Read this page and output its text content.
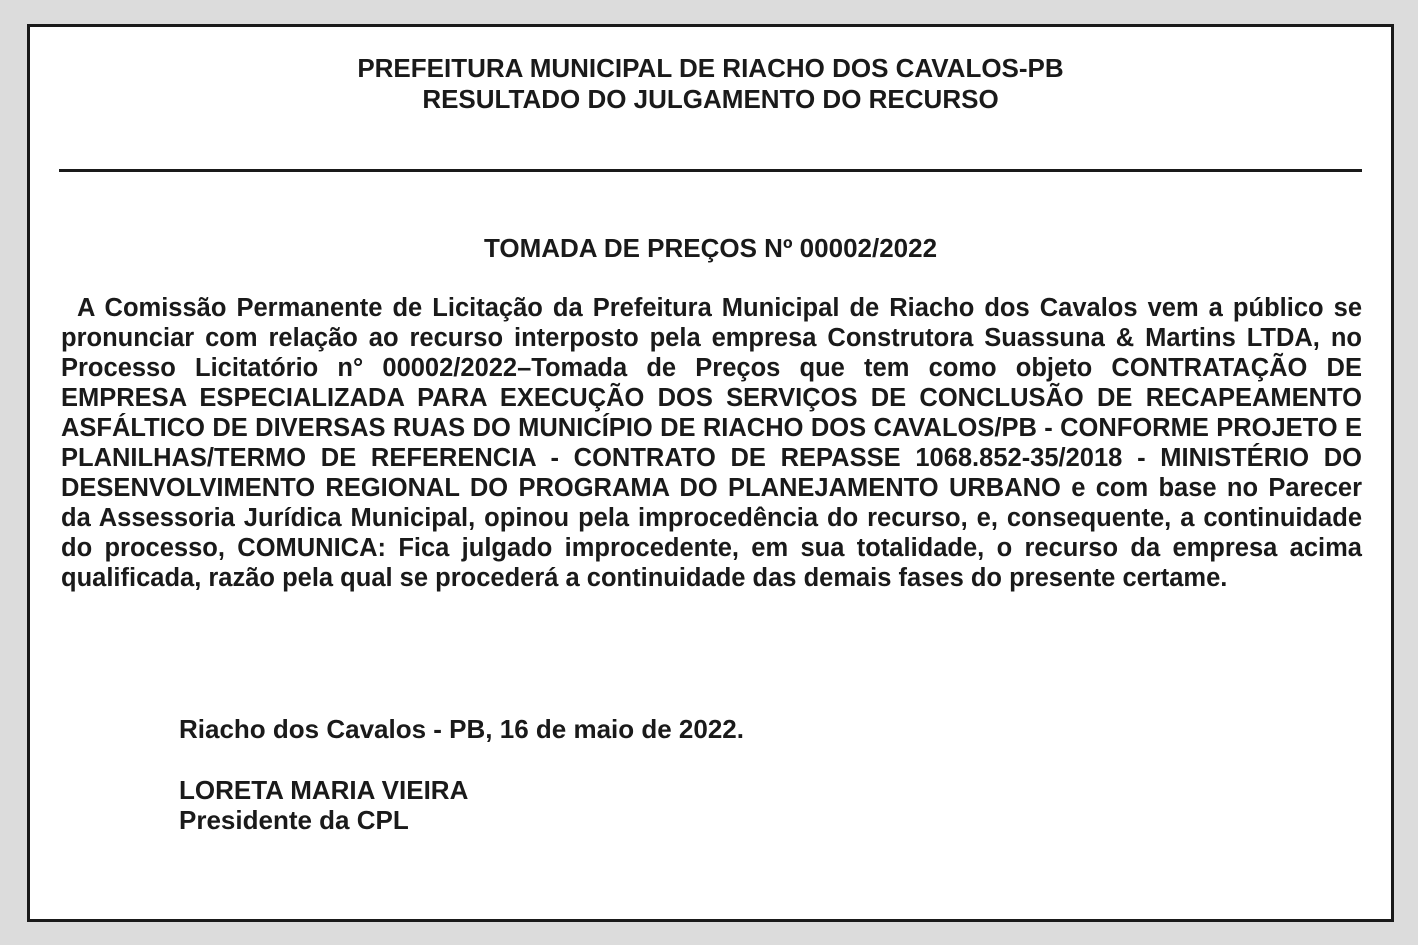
PREFEITURA MUNICIPAL DE RIACHO DOS CAVALOS-PB
RESULTADO DO JULGAMENTO DO RECURSO
TOMADA DE PREÇOS Nº 00002/2022

A Comissão Permanente de Licitação da Prefeitura Municipal de Riacho dos Cavalos vem a público se pronunciar com relação ao recurso interposto pela empresa Construtora Suassuna & Martins LTDA, no Processo Licitatório n° 00002/2022–Tomada de Preços que tem como objeto CONTRATAÇÃO DE EMPRESA ESPECIALIZADA PARA EXECUÇÃO DOS SERVIÇOS DE CONCLUSÃO DE RECAPEAMENTO ASFÁLTICO DE DIVERSAS RUAS DO MUNICÍPIO DE RIACHO DOS CAVALOS/PB - CONFORME PROJETO E PLANILHAS/TERMO DE REFERENCIA - CONTRATO DE REPASSE 1068.852-35/2018 - MINISTÉRIO DO DESENVOLVIMENTO REGIONAL DO PROGRAMA DO PLANEJAMENTO URBANO e com base no Parecer da Assessoria Jurídica Municipal, opinou pela improcedência do recurso, e, consequente, a continuidade do processo, COMUNICA: Fica julgado improcedente, em sua totalidade, o recurso da empresa acima qualificada, razão pela qual se procederá a continuidade das demais fases do presente certame.

Riacho dos Cavalos - PB, 16 de maio de 2022.
LORETA MARIA VIEIRA
Presidente da CPL
